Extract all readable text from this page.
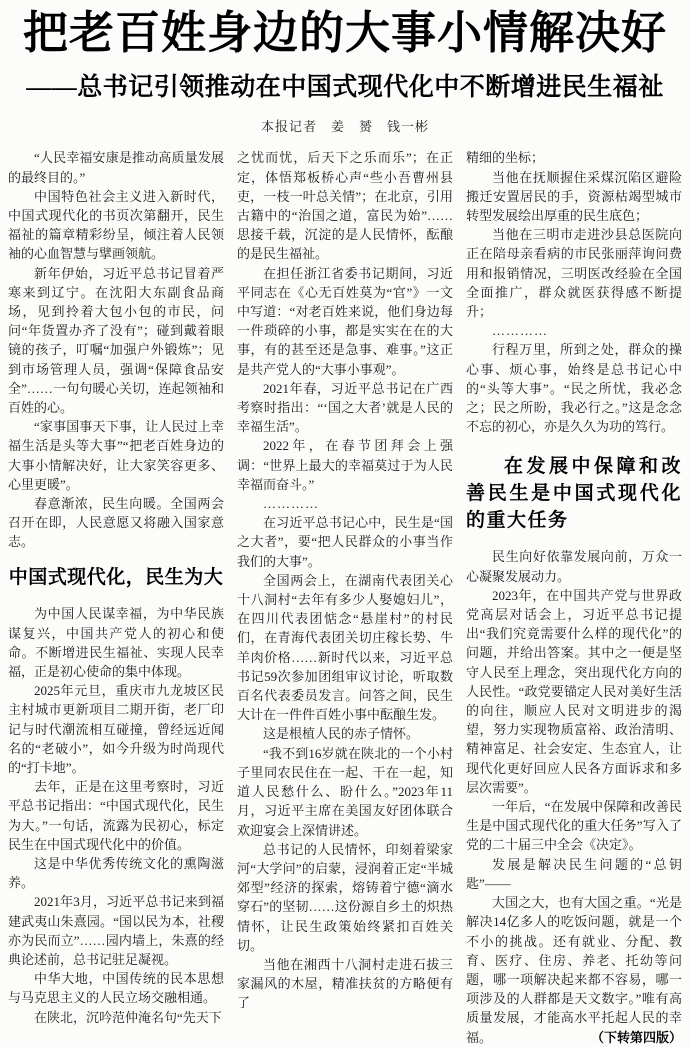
把老百姓身边的大事小情解决好
——总书记引领推动在中国式现代化中不断增进民生福祉
本报记者　姜　赟　钱一彬

“人民幸福安康是推动高质量发展的最终目的。”

中国特色社会主义进入新时代，中国式现代化的书页次第翻开，民生福祉的篇章精彩纷呈，倾注着人民领袖的心血智慧与擘画领航。

新年伊始，习近平总书记冒着严寒来到辽宁。在沈阳大东副食品商场，见到拎着大包小包的市民，问问“年货置办齐了没有”；碰到戴着眼镜的孩子，叮嘱“加强户外锻炼”；见到市场管理人员，强调“保障食品安全”……一句句暖心关切，连起领袖和百姓的心。

“家事国事天下事，让人民过上幸福生活是头等大事”“把老百姓身边的大事小情解决好，让大家笑容更多、心里更暖”。

春意渐浓，民生向暖。全国两会召开在即，人民意愿又将融入国家意志。

中国式现代化，民生为大

为中国人民谋幸福，为中华民族谋复兴，中国共产党人的初心和使命。不断增进民生福祉、实现人民幸福，正是初心使命的集中体现。

2025年元旦，重庆市九龙坡区民主村城市更新项目二期开街，老厂印记与时代潮流相互碰撞，曾经远近闻名的“老破小”，如今升级为时尚现代的“打卡地”。

去年，正是在这里考察时，习近平总书记指出：“中国式现代化，民生为大。”一句话，流露为民初心，标定民生在中国式现代化中的价值。

这是中华优秀传统文化的熏陶滋养。

2021年3月，习近平总书记来到福建武夷山朱熹园。“国以民为本，社稷亦为民而立”……园内墙上，朱熹的经典论述前，总书记驻足凝视。

中华大地，中国传统的民本思想与马克思主义的人民立场交融相通。

在陕北，沉吟范仲淹名句“先天下

之忧而忧，后天下之乐而乐”；在正定，体悟郑板桥心声“些小吾曹州县吏，一枝一叶总关情”；在北京，引用古籍中的“治国之道，富民为始”……思接千载，沉淀的是人民情怀，酝酿的是民生福祉。

在担任浙江省委书记期间，习近平同志在《心无百姓莫为“官”》一文中写道：“对老百姓来说，他们身边每一件琐碎的小事，都是实实在在的大事，有的甚至还是急事、难事。”这正是共产党人的“大事小事观”。

2021年春，习近平总书记在广西考察时指出：“‘国之大者’就是人民的幸福生活”。

2022年，在春节团拜会上强调：“世界上最大的幸福莫过于为人民幸福而奋斗。”

…………

在习近平总书记心中，民生是“国之大者”，要“把人民群众的小事当作我们的大事”。

全国两会上，在湖南代表团关心十八洞村“去年有多少人娶媳妇儿”，在四川代表团惦念“悬崖村”的村民们，在青海代表团关切庄稼长势、牛羊肉价格……新时代以来，习近平总书记59次参加团组审议讨论，听取数百名代表委员发言。问答之间，民生大计在一件件百姓小事中酝酿生发。

这是根植人民的赤子情怀。

“我不到16岁就在陕北的一个小村子里同农民住在一起、干在一起，知道人民愁什么、盼什么。”2023年11月，习近平主席在美国友好团体联合欢迎宴会上深情讲述。

总书记的人民情怀，印刻着梁家河“大学问”的启蒙，浸润着正定“半城郊型”经济的探索，熔铸着宁德“滴水穿石”的坚韧……这份源自乡土的炽热情怀，让民生政策始终紧扣百姓关切。

当他在湘西十八洞村走进石拔三家漏风的木屋，精准扶贫的方略便有了

精细的坐标；

当他在抚顺握住采煤沉陷区避险搬迁安置居民的手，资源枯竭型城市转型发展绘出厚重的民生底色；

当他在三明市走进沙县总医院向正在陪母亲看病的市民张丽萍询问费用和报销情况，三明医改经验在全国全面推广，群众就医获得感不断提升；

…………

行程万里，所到之处，群众的操心事、烦心事，始终是总书记心中的“头等大事”。“民之所忧，我必念之；民之所盼，我必行之。”这是念念不忘的初心，亦是久久为功的笃行。

在发展中保障和改善民生是中国式现代化的重大任务

民生向好依靠发展向前，万众一心凝聚发展动力。

2023年，在中国共产党与世界政党高层对话会上，习近平总书记提出“我们究竟需要什么样的现代化”的问题，并给出答案。其中之一便是坚守人民至上理念，突出现代化方向的人民性。“政党要锚定人民对美好生活的向往，顺应人民对文明进步的渴望，努力实现物质富裕、政治清明、精神富足、社会安定、生态宜人，让现代化更好回应人民各方面诉求和多层次需要”。

一年后，“在发展中保障和改善民生是中国式现代化的重大任务”写入了党的二十届三中全会《决定》。

发展是解决民生问题的“总钥匙”——

大国之大，也有大国之重。“光是解决14亿多人的吃饭问题，就是一个不小的挑战。还有就业、分配、教育、医疗、住房、养老、托幼等问题，哪一项解决起来都不容易，哪一项涉及的人群都是天文数字。”唯有高质量发展，才能高水平托起人民的幸福。	（下转第四版）
